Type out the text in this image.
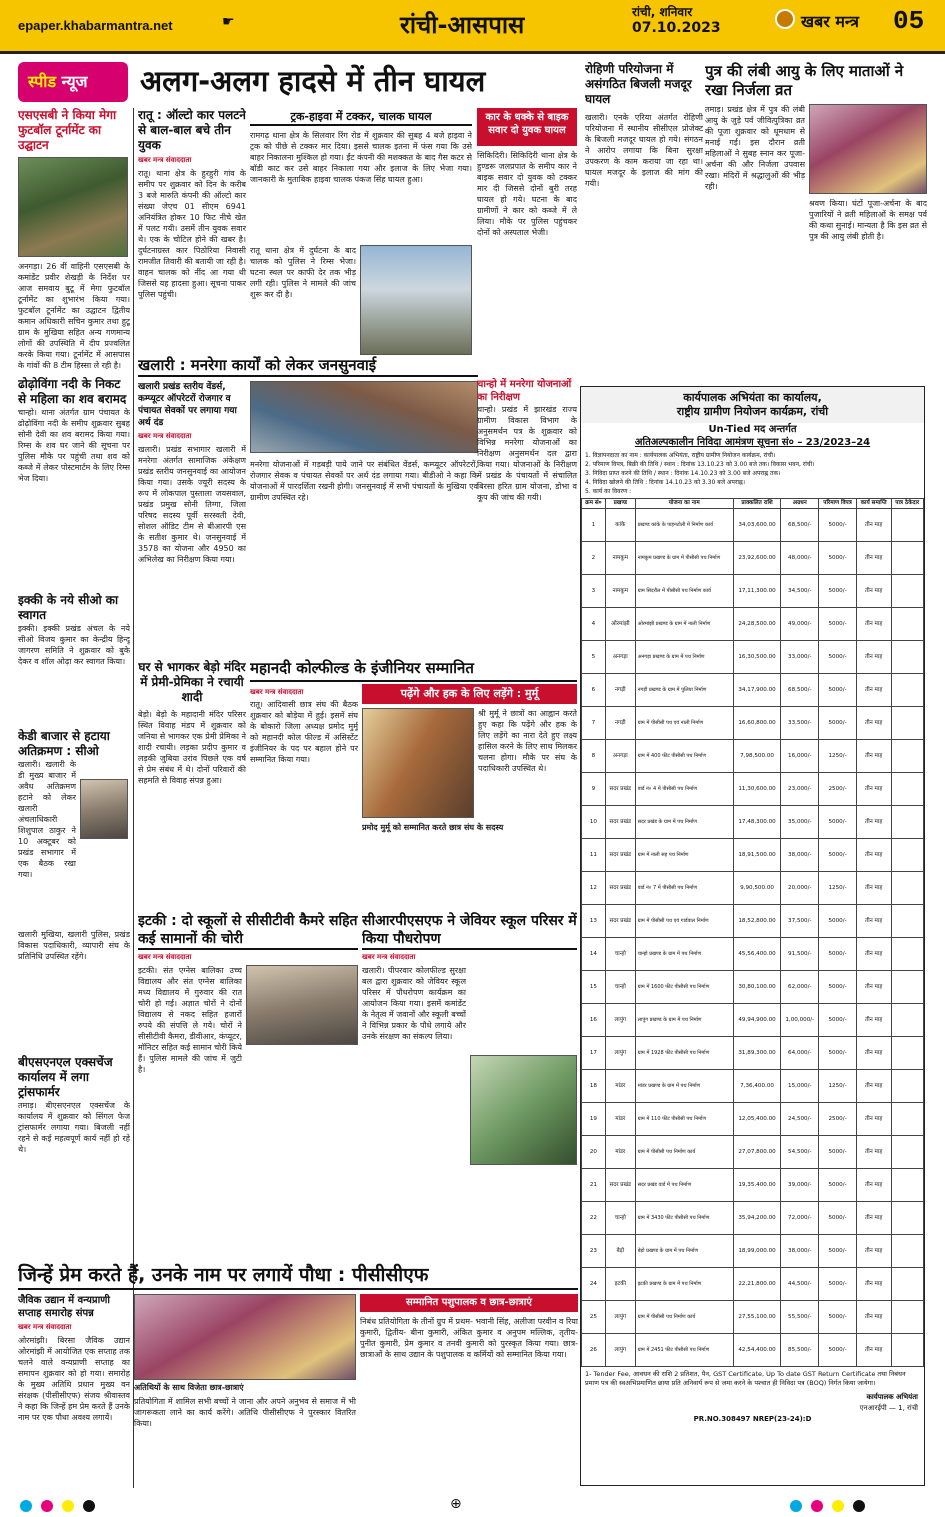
epaper.khabarmantra.net	☛	रांची-आसपास	रांची, शनिवार
07.10.2023	खबर मन्त्र 05
स्पीड न्यूज	अलग-अलग हादसे में तीन घायल
एसएसबी ने किया मेगा फुटबॉल टूर्नामेंट का उद्घाटन
अनगड़ा। 26 वीं वाहिनी एसएसबी के कमांडेंट प्रवीर शेखड़ी के निर्देश पर आज समवाय बुटू में मेगा फुटबॉल टूर्नामेंट का शुभारंभ किया गया। फुटबॉल टूर्नामेंट का उद्घाटन द्वितीय कमान अधिकारी सचिन कुमार तथा हुटू ग्राम के मुखिया सहित अन्य गणमान्य लोगों की उपस्थिति में दीप प्रज्वलित करके किया गया। टूर्नामेंट में आसपास के गांवों की 8 टीम हिस्सा ले रही है।
ढोढ़ोविंगा नदी के निकट से महिला का शव बरामद
चान्हो। थाना अंतर्गत ग्राम पंचायत के ढोढ़ोविंगा नदी के समीप शुक्रवार सुबह सोनी देवी का शव बरामद किया गया। रिम्स के शव घर जाने की सूचना पर पुलिस मौके पर पहुंची तथा शव को कब्जे में लेकर पोस्टमार्टम के लिए रिम्स भेज दिया।
इक्की के नये सीओ का स्वागत
इक्की। इक्की प्रखंड अंचल के नये सीओ विजय कुमार का केन्द्रीय हिन्दू जागरण समिति ने शुक्रवार को बुके देकर व शॉल ओढ़ा कर स्वागत किया।
केडी बाजार से हटाया अतिक्रमण : सीओ
खलारी। खलारी के डी मुख्य बाजार में अवैध अतिक्रमण हटाने को लेकर खलारी अंचलाधिकारी शिशुपाल ठाकुर ने 10 अक्टूबर को प्रखंड सभागार में एक बैठक रखा गया।
खलारी मुखिया, खलारी पुलिस, प्रखंड विकास पदाधिकारी, व्यापारी संघ के प्रतिनिधि उपस्थित रहेंगे।
बीएसएनएल एक्सचेंज कार्यालय में लगा ट्रांसफार्मर
तमाड़। बीएसएनएल एक्सचेंज के कार्यालय में शुक्रवार को सिंगल फेज ट्रांसफार्मर लगाया गया। बिजली नहीं रहने से कई महत्वपूर्ण कार्य नहीं हो रहे थे।
रातू : ऑल्टो कार पलटने से बाल-बाल बचे तीन युवक
खबर मन्त्र संवाददाता
रातू। थाना क्षेत्र के हुरहुरी गांव के समीप पर शुक्रवार को दिन के करीब 3 बजे मारुति कंपनी की ऑल्टो कार संख्या जेएच 01 सीएम 6941 अनियंत्रित होकर 10 फिट नीचे खेत में पलट गयी। उसमें तीन युवक सवार थे। एक के चोटिल होने की खबर है। दुर्घटनाग्रस्त कार पिठोरिया निवासी रामजीत तिवारी की बतायी जा रही है। वाहन चालक को नींद आ गया थी जिससे यह हादसा हुआ। सूचना पाकर पुलिस पहुंची।
ट्रक-हाइवा में टक्कर, चालक घायल
रामगढ़ थाना क्षेत्र के सिलवार रिंग रोड में शुक्रवार की सुबह 4 बजे हाइवा ने ट्रक को पीछे से टक्कर मार दिया। इससे चालक इतना में फंस गया कि उसे बाहर निकालना मुश्किल हो गया। ईंट कंपनी की मशक्कत के बाद गैस कटर से बॉडी काट कर उसे बाहर निकाला गया और इलाज के लिए भेजा गया। जानकारी के मुताबिक हाइवा चालक पंकज सिंह घायल हुआ।
रातू थाना क्षेत्र में दुर्घटना के बाद चालक को पुलिस ने रिम्स भेजा। घटना स्थल पर काफी देर तक भीड़ लगी रही। पुलिस ने मामले की जांच शुरू कर दी है।
कार के धक्के से बाइक सवार दो युवक घायल
सिकिदिरी। सिकिदिरी थाना क्षेत्र के हुण्डरू जलप्रपात के समीप कार ने बाइक सवार दो युवक को टक्कर मार दी जिससे दोनों बुरी तरह घायल हो गये। घटना के बाद ग्रामीणों ने कार को कब्जे में ले लिया। मौके पर पुलिस पहुंचकर दोनों को अस्पताल भेजी।
रोहिणी परियोजना में असंगठित बिजली मजदूर घायल
खलारी। एनके एरिया अंतर्गत रोहिणी परियोजना में स्थानीय सीसीएल प्रोजेक्ट के बिजली मजदूर घायल हो गये। संगठन ने आरोप लगाया कि बिना सुरक्षा उपकरण के काम कराया जा रहा था। घायल मजदूर के इलाज की मांग की गयी।
पुत्र की लंबी आयु के लिए माताओं ने रखा निर्जला व्रत
तमाड़। प्रखंड क्षेत्र में पुत्र की लंबी आयु के जुड़े पर्व जीवित्पुत्रिका व्रत की पूजा शुक्रवार को धूमधाम से मनाई गई। इस दौरान व्रती महिलाओं ने सुबह स्नान कर पूजा-अर्चना की और निर्जला उपवास रखा। मंदिरों में श्रद्धालुओं की भीड़ रही।
श्रवण किया। घंटों पूजा-अर्चना के बाद पुजारियों ने व्रती महिलाओं के समक्ष पर्व की कथा सुनाई। मान्यता है कि इस व्रत से पुत्र की आयु लंबी होती है।
खलारी : मनरेगा कार्यों को लेकर जनसुनवाई
खलारी प्रखंड स्तरीय वेंडर्स, कम्प्यूटर ऑपरेटरों रोजगार व पंचायत सेवकों पर लगाया गया अर्थ दंड
खबर मन्त्र संवाददाता
खलारी। प्रखंड सभागार खलारी में मनरेगा अंतर्गत सामाजिक अंकेक्षण प्रखंड स्तरीय जनसुनवाई का आयोजन किया गया। उसके ज्यूरी सदस्य के रूप में लोकपाल पुस्ताला जयसवाल, प्रखंड प्रमुख सोनी तिग्गा, जिला परिषद सदस्य पूर्वी सरस्वती देवी, सोशल ऑडिट टीम से बीआरपी एस के सतीश कुमार थे। जनसुनवाई में 3578 का योजना और 4950 का अभिलेख का निरीक्षण किया गया।
मनरेगा योजनाओं में गड़बड़ी पाये जाने पर संबंधित वेंडर्स, कम्प्यूटर ऑपरेटरों, रोजगार सेवक व पंचायत सेवकों पर अर्थ दंड लगाया गया। बीडीओ ने कहा कि योजनाओं में पारदर्शिता रखनी होगी। जनसुनवाई में सभी पंचायतों के मुखिया एवं ग्रामीण उपस्थित रहे।
चान्हो में मनरेगा योजनाओं का निरीक्षण
चान्हो। प्रखंड में झारखंड राज्य ग्रामीण विकास विभाग के अनुसमर्थन पत्र के शुक्रवार को विभिन्न मनरेगा योजनाओं का निरीक्षण अनुसमर्थन दल द्वारा किया गया। योजनाओं के निरीक्षण में प्रखंड के पंचायतों में संचालित बिरसा हरित ग्राम योजना, डोभा व कूप की जांच की गयी।
महानदी कोल्फील्ड के इंजीनियर सम्मानित
घर से भागकर बेड़ो मंदिर में प्रेमी-प्रेमिका ने रचायी शादी
बेड़ो। बेड़ो के महादानी मंदिर परिसर स्थित विवाह मंडप में शुक्रवार को जनिया से भागकर एक प्रेमी प्रेमिका ने शादी रचायी। लड़का प्रदीप कुमार व लड़की जुबिया उरांव पिछले एक वर्ष से प्रेम संबंध में थे। दोनों परिवारों की सहमति से विवाह संपन्न हुआ।
खबर मन्त्र संवाददाता
रातू। आदिवासी छात्र संघ की बैठक शुक्रवार को बोड़ेया में हुई। इसमें संघ के बोकारो जिला अध्यक्ष प्रमोद मुर्मू को महानदी कोल फील्ड में असिस्टेंट इंजीनियर के पद पर बहाल होने पर सम्मानित किया गया।
पढ़ेंगे और हक के लिए लड़ेंगे : मुर्मू
श्री मुर्मू ने छात्रों का आह्वान करते हुए कहा कि पढ़ेंगे और हक के लिए लड़ेंगे का नारा देते हुए लक्ष्य हासिल करने के लिए साथ मिलकर चलना होगा। मौके पर संघ के पदाधिकारी उपस्थित थे।
प्रमोद मुर्मू को सम्मानित करते छात्र संघ के सदस्य
इटकी : दो स्कूलों से सीसीटीवी कैमरे सहित कई सामानों की चोरी
खबर मन्त्र संवाददाता
इटकी। संत एग्नेस बालिका उच्च विद्यालय और संत एग्नेस बालिका मध्य विद्यालय में गुरुवार की रात चोरी हो गई। अज्ञात चोरों ने दोनों विद्यालय से नकद सहित हजारों रुपये की संपत्ति ले गये। चोरों ने सीसीटीवी कैमरा, डीवीआर, कंप्यूटर, मॉनिटर सहित कई सामान चोरी किये हैं। पुलिस मामले की जांच में जुटी है।
सीआरपीएसएफ ने जेवियर स्कूल परिसर में किया पौधरोपण
खबर मन्त्र संवाददाता
खलारी। पीपरवार कोलफील्ड सुरक्षा बल द्वारा शुक्रवार को जेवियर स्कूल परिसर में पौधरोपण कार्यक्रम का आयोजन किया गया। इसमें कमांडेंट के नेतृत्व में जवानों और स्कूली बच्चों ने विभिन्न प्रकार के पौधे लगाये और उनके संरक्षण का संकल्प लिया।
जिन्हें प्रेम करते हैं, उनके नाम पर लगायें पौधा : पीसीसीएफ
जैविक उद्यान में वन्यप्राणी सप्ताह समारोह संपन्न
खबर मन्त्र संवाददाता
ओरमांझी। बिरसा जैविक उद्यान ओरमांझी में आयोजित एक सप्ताह तक चलने वाले वन्यप्राणी सप्ताह का समापन शुक्रवार को हो गया। समारोह के मुख्य अतिथि प्रधान मुख्य वन संरक्षक (पीसीसीएफ) संजय श्रीवास्तव ने कहा कि जिन्हें हम प्रेम करते हैं उनके नाम पर एक पौधा अवश्य लगायें।
अतिथियों के साथ विजेता छात्र-छात्राएं
सम्मानित पशुपालक व छात्र-छात्राएं
निबंध प्रतियोगिता के तीनों ग्रुप में प्रथम- भवानी सिंह, अलीजा परवीन व रिया कुमारी, द्वितीय- बीना कुमारी, अंकित कुमार व अनुपम मल्लिक, तृतीय- पुनीत कुमारी, प्रेम कुमार व तनवी कुमारी को पुरस्कृत किया गया। छात्र-छात्राओं के साथ उद्यान के पशुपालक व कर्मियों को सम्मानित किया गया।
प्रतियोगिता में शामिल सभी बच्चों ने जाना और अपने अनुभव से समाज में भी जागरूकता लाने का कार्य करेंगे। अतिथि पीसीसीएफ ने पुरस्कार वितरित किया।
कार्यपालक अभियंता का कार्यालय,
राष्ट्रीय ग्रामीण नियोजन कार्यक्रम, रांची
Un-Tied मद अन्तर्गत
अतिअल्पकालीन निविदा आमंत्रण सूचना सं० – 23/2023–24
1. विज्ञापनदाता का नाम : कार्यपालक अभियंता, राष्ट्रीय ग्रामीण नियोजन कार्यक्रम, रांची।
2. परिमाण विपत्र, बिक्री की तिथि / स्थान : दिनांक 13.10.23 को 3.00 बजे तक। विकास भवन, रांची।
3. निविदा प्राप्त करने की तिथि / स्थान : दिनांक 14.10.23 को 3.00 बजे अपराह्न तक।
4. निविदा खोलने की तिथि : दिनांक 14.10.23 को 3.30 बजे अपराह्न।
5. कार्य का विवरण :
क्रम सं०	प्रखण्ड	योजना का नाम	प्राक्कलित राशि	अग्रधन	परिमाण विपत्र	कार्य समाप्ति	पात्र ठेकेदार
1	कांके	प्रखण्ड कांके के पाहनटोली में निर्माण कार्य	34,03,600.00	68,500/-	5000/-	तीन माह	
2	नामकुम	नामकुम प्रखण्ड के ग्राम में पीसीसी पथ निर्माण	23,92,600.00	48,000/-	5000/-	तीन माह	
3	नामकुम	ग्राम सिदरौल में पीसीसी पथ निर्माण कार्य	17,11,300.00	34,500/-	5000/-	तीन माह	
4	ओरमांझी	ओरमांझी प्रखण्ड के ग्राम में नाली निर्माण	24,28,500.00	49,000/-	5000/-	तीन माह	
5	अनगड़ा	अनगड़ा प्रखण्ड के ग्राम में पथ निर्माण	16,30,500.00	33,000/-	5000/-	तीन माह	
6	नगड़ी	नगड़ी प्रखण्ड के ग्राम में पुलिया निर्माण	34,17,900.00	68,500/-	5000/-	तीन माह	
7	नगड़ी	ग्राम में पीसीसी पथ एवं नाली निर्माण	16,60,800.00	33,500/-	5000/-	तीन माह	
8	अनगड़ा	ग्राम में 400 फीट पीसीसी पथ निर्माण	7,98,500.00	16,000/-	1250/-	तीन माह	
9	सदर प्रखंड	वार्ड नं० 4 में पीसीसी पथ निर्माण	11,30,600.00	23,000/-	2500/-	तीन माह	
10	सदर प्रखंड	सदर प्रखंड के ग्राम में पथ निर्माण	17,48,300.00	35,000/-	5000/-	तीन माह	
11	सदर प्रखंड	ग्राम में नाली सह पथ निर्माण	18,91,500.00	38,000/-	5000/-	तीन माह	
12	सदर प्रखंड	वार्ड नं० 7 में पीसीसी पथ निर्माण	9,90,500.00	20,000/-	1250/-	तीन माह	
13	सदर प्रखंड	ग्राम में पीसीसी पथ एवं गार्डवाल निर्माण	18,52,800.00	37,500/-	5000/-	तीन माह	
14	चान्हो	चान्हो प्रखण्ड के ग्राम में पथ निर्माण	45,56,400.00	91,500/-	5000/-	तीन माह	
15	चान्हो	ग्राम में 1600 फीट पीसीसी पथ निर्माण	30,80,100.00	62,000/-	5000/-	तीन माह	
16	लापुंग	लापुंग प्रखण्ड के ग्राम में पथ निर्माण	49,94,900.00	1,00,000/-	5000/-	तीन माह	
17	लापुंग	ग्राम में 1928 फीट पीसीसी पथ निर्माण	31,89,300.00	64,000/-	5000/-	तीन माह	
18	मांडर	मांडर प्रखण्ड के ग्राम में पथ निर्माण	7,36,400.00	15,000/-	1250/-	तीन माह	
19	मांडर	ग्राम में 110 फीट पीसीसी पथ निर्माण	12,05,400.00	24,500/-	2500/-	तीन माह	
20	मांडर	ग्राम में पीसीसी पथ निर्माण कार्य	27,07,800.00	54,500/-	5000/-	तीन माह	
21	सदर प्रखंड	सदर प्रखंड वार्ड में पथ निर्माण	19,35,400.00	39,000/-	5000/-	तीन माह	
22	चान्हो	ग्राम में 3430 फीट पीसीसी पथ निर्माण	35,94,200.00	72,000/-	5000/-	तीन माह	
23	बेड़ो	बेड़ो प्रखण्ड के ग्राम में पथ निर्माण	18,99,000.00	38,000/-	5000/-	तीन माह	
24	इटकी	इटकी प्रखण्ड के ग्राम में पथ निर्माण	22,21,800.00	44,500/-	5000/-	तीन माह	
25	लापुंग	ग्राम में पीसीसी पथ निर्माण कार्य	27,55,100.00	55,500/-	5000/-	तीन माह	
26	लापुंग	ग्राम में 2451 फीट पीसीसी पथ निर्माण	42,54,400.00	85,500/-	5000/-	तीन माह	
1- Tender Fee, आवधन की राशि 2 प्रतिशत, पैन, GST Certificate, Up To date GST Return Certificate तथा निबंधन प्रमाण पत्र की स्वअभिप्रमाणित छाया प्रति अनिवार्य रूप से जमा करने के पश्चात ही निविदा पत्र (BOQ) निर्गत किया जायेगा।
कार्यपालक अभियंता
एनआरईपी — 1, रांची
PR.NO.308497 NREP(23-24):D

⊕
